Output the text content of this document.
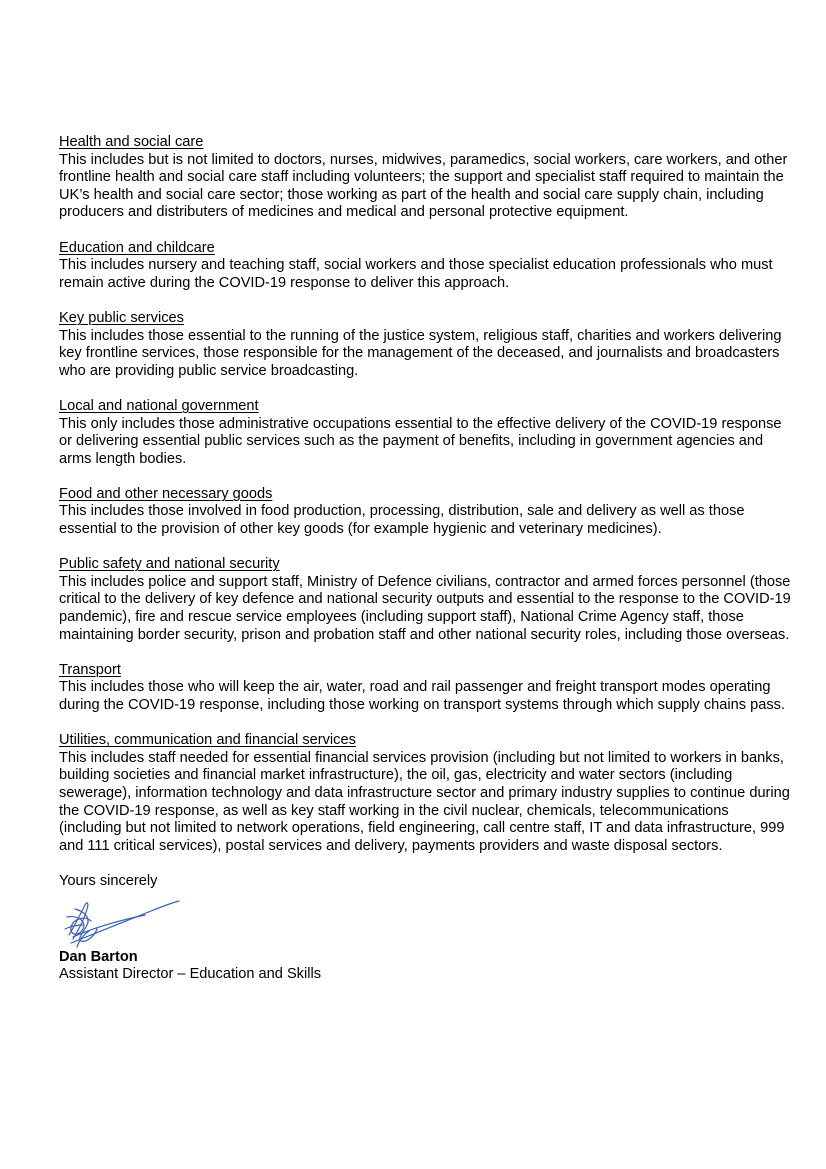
Health and social care
This includes but is not limited to doctors, nurses, midwives, paramedics, social workers, care workers, and other frontline health and social care staff including volunteers; the support and specialist staff required to maintain the UK’s health and social care sector; those working as part of the health and social care supply chain, including producers and distributers of medicines and medical and personal protective equipment.
Education and childcare
This includes nursery and teaching staff, social workers and those specialist education professionals who must remain active during the COVID-19 response to deliver this approach.
Key public services
This includes those essential to the running of the justice system, religious staff, charities and workers delivering key frontline services, those responsible for the management of the deceased, and journalists and broadcasters who are providing public service broadcasting.
Local and national government
This only includes those administrative occupations essential to the effective delivery of the COVID-19 response or delivering essential public services such as the payment of benefits, including in government agencies and arms length bodies.
Food and other necessary goods
This includes those involved in food production, processing, distribution, sale and delivery as well as those essential to the provision of other key goods (for example hygienic and veterinary medicines).
Public safety and national security
This includes police and support staff, Ministry of Defence civilians, contractor and armed forces personnel (those critical to the delivery of key defence and national security outputs and essential to the response to the COVID-19 pandemic), fire and rescue service employees (including support staff), National Crime Agency staff, those maintaining border security, prison and probation staff and other national security roles, including those overseas.
Transport
This includes those who will keep the air, water, road and rail passenger and freight transport modes operating during the COVID-19 response, including those working on transport systems through which supply chains pass.
Utilities, communication and financial services
This includes staff needed for essential financial services provision (including but not limited to workers in banks, building societies and financial market infrastructure), the oil, gas, electricity and water sectors (including sewerage), information technology and data infrastructure sector and primary industry supplies to continue during the COVID-19 response, as well as key staff working in the civil nuclear, chemicals, telecommunications (including but not limited to network operations, field engineering, call centre staff, IT and data infrastructure, 999 and 111 critical services), postal services and delivery, payments providers and waste disposal sectors.
Yours sincerely
Dan Barton
Assistant Director – Education and Skills
